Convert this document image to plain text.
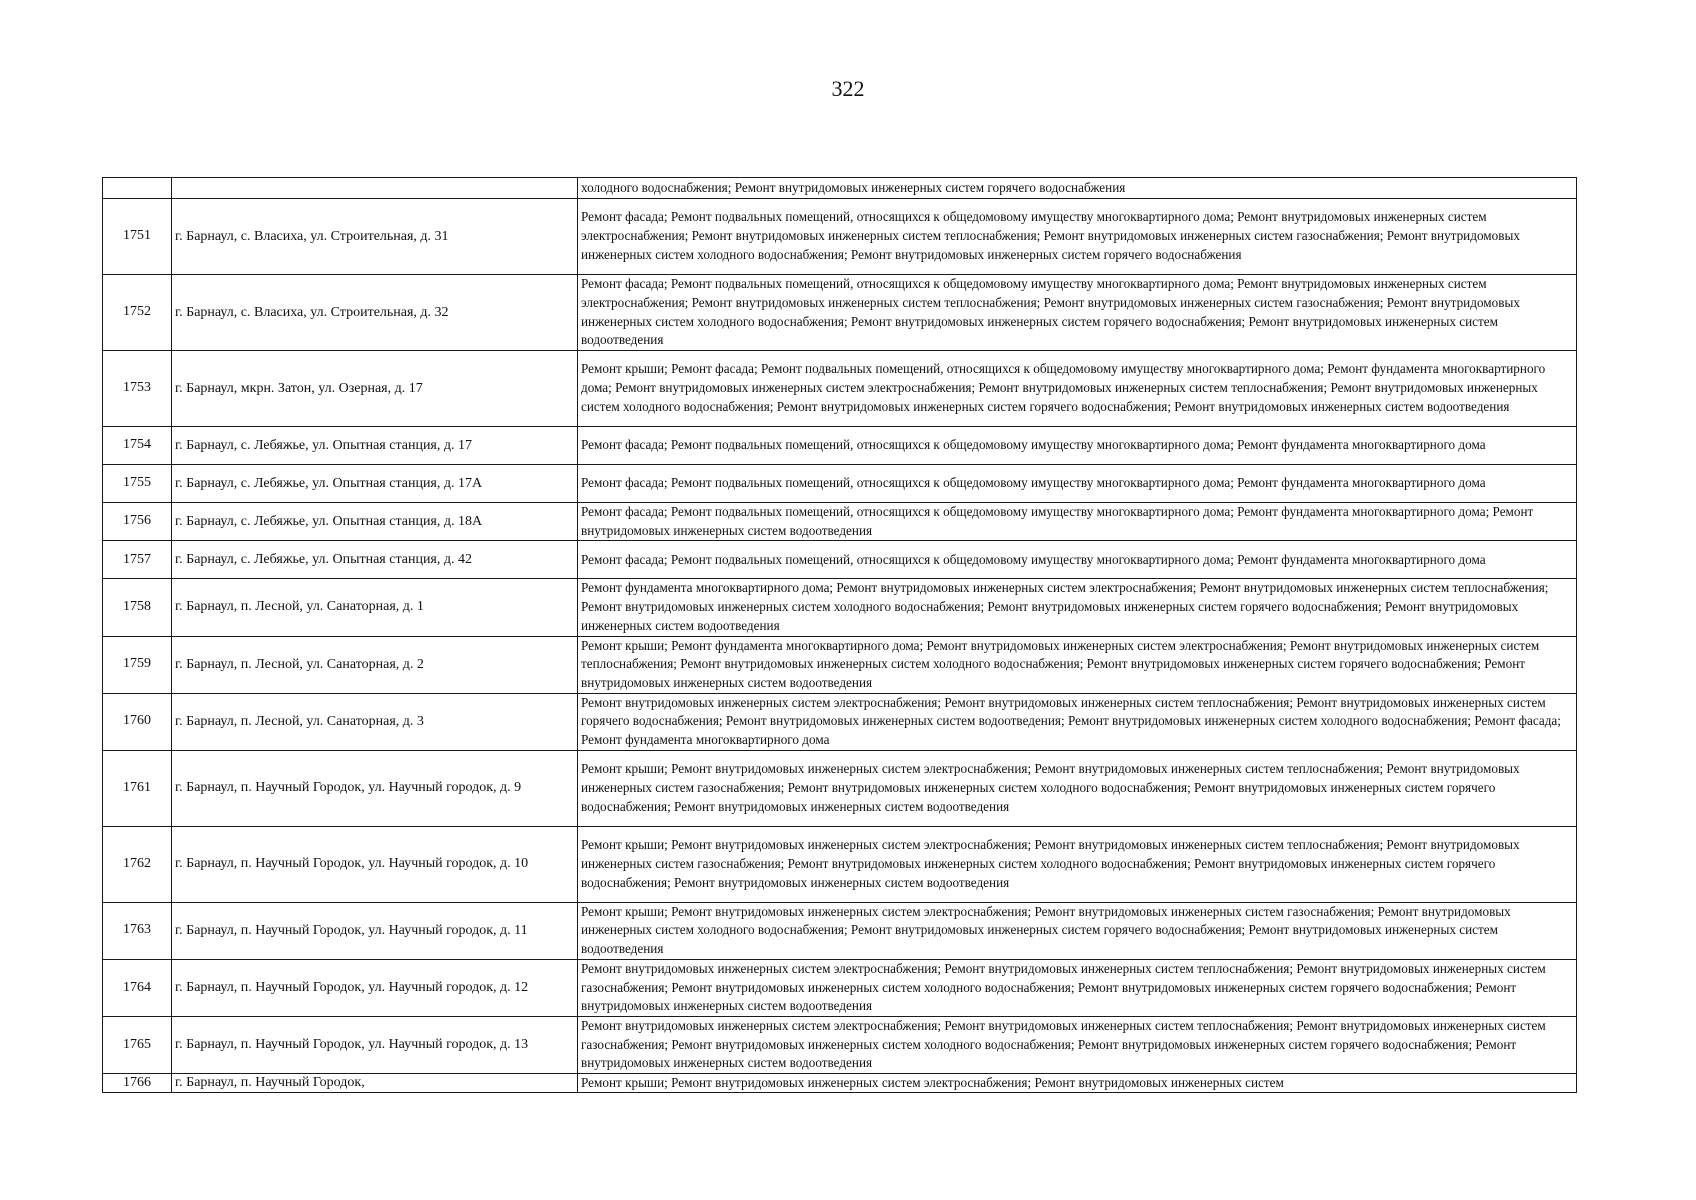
322
		холодного водоснабжения; Ремонт внутридомовых инженерных систем горячего водоснабжения
1751	г. Барнаул, с. Власиха, ул. Строительная, д. 31	Ремонт фасада; Ремонт подвальных помещений, относящихся к общедомовому имуществу многоквартирного дома; Ремонт внутридомовых инженерных систем электроснабжения; Ремонт внутридомовых инженерных систем теплоснабжения; Ремонт внутридомовых инженерных систем газоснабжения; Ремонт внутридомовых инженерных систем холодного водоснабжения; Ремонт внутридомовых инженерных систем горячего водоснабжения
1752	г. Барнаул, с. Власиха, ул. Строительная, д. 32	Ремонт фасада; Ремонт подвальных помещений, относящихся к общедомовому имуществу многоквартирного дома; Ремонт внутридомовых инженерных систем электроснабжения; Ремонт внутридомовых инженерных систем теплоснабжения; Ремонт внутридомовых инженерных систем газоснабжения; Ремонт внутридомовых инженерных систем холодного водоснабжения; Ремонт внутридомовых инженерных систем горячего водоснабжения; Ремонт внутридомовых инженерных систем водоотведения
1753	г. Барнаул, мкрн. Затон, ул. Озерная, д. 17	Ремонт крыши; Ремонт фасада; Ремонт подвальных помещений, относящихся к общедомовому имуществу многоквартирного дома; Ремонт фундамента многоквартирного дома; Ремонт внутридомовых инженерных систем электроснабжения; Ремонт внутридомовых инженерных систем теплоснабжения; Ремонт внутридомовых инженерных систем холодного водоснабжения; Ремонт внутридомовых инженерных систем горячего водоснабжения; Ремонт внутридомовых инженерных систем водоотведения
1754	г. Барнаул, с. Лебяжье, ул. Опытная станция, д. 17	Ремонт фасада; Ремонт подвальных помещений, относящихся к общедомовому имуществу многоквартирного дома; Ремонт фундамента многоквартирного дома
1755	г. Барнаул, с. Лебяжье, ул. Опытная станция, д. 17А	Ремонт фасада; Ремонт подвальных помещений, относящихся к общедомовому имуществу многоквартирного дома; Ремонт фундамента многоквартирного дома
1756	г. Барнаул, с. Лебяжье, ул. Опытная станция, д. 18А	Ремонт фасада; Ремонт подвальных помещений, относящихся к общедомовому имуществу многоквартирного дома; Ремонт фундамента многоквартирного дома; Ремонт внутридомовых инженерных систем водоотведения
1757	г. Барнаул, с. Лебяжье, ул. Опытная станция, д. 42	Ремонт фасада; Ремонт подвальных помещений, относящихся к общедомовому имуществу многоквартирного дома; Ремонт фундамента многоквартирного дома
1758	г. Барнаул, п. Лесной, ул. Санаторная, д. 1	Ремонт фундамента многоквартирного дома; Ремонт внутридомовых инженерных систем электроснабжения; Ремонт внутридомовых инженерных систем теплоснабжения; Ремонт внутридомовых инженерных систем холодного водоснабжения; Ремонт внутридомовых инженерных систем горячего водоснабжения; Ремонт внутридомовых инженерных систем водоотведения
1759	г. Барнаул, п. Лесной, ул. Санаторная, д. 2	Ремонт крыши; Ремонт фундамента многоквартирного дома; Ремонт внутридомовых инженерных систем электроснабжения; Ремонт внутридомовых инженерных систем теплоснабжения; Ремонт внутридомовых инженерных систем холодного водоснабжения; Ремонт внутридомовых инженерных систем горячего водоснабжения; Ремонт внутридомовых инженерных систем водоотведения
1760	г. Барнаул, п. Лесной, ул. Санаторная, д. 3	Ремонт внутридомовых инженерных систем электроснабжения; Ремонт внутридомовых инженерных систем теплоснабжения; Ремонт внутридомовых инженерных систем горячего водоснабжения; Ремонт внутридомовых инженерных систем водоотведения; Ремонт внутридомовых инженерных систем холодного водоснабжения; Ремонт фасада; Ремонт фундамента многоквартирного дома
1761	г. Барнаул, п. Научный Городок, ул. Научный городок, д. 9	Ремонт крыши; Ремонт внутридомовых инженерных систем электроснабжения; Ремонт внутридомовых инженерных систем теплоснабжения; Ремонт внутридомовых инженерных систем газоснабжения; Ремонт внутридомовых инженерных систем холодного водоснабжения; Ремонт внутридомовых инженерных систем горячего водоснабжения; Ремонт внутридомовых инженерных систем водоотведения
1762	г. Барнаул, п. Научный Городок, ул. Научный городок, д. 10	Ремонт крыши; Ремонт внутридомовых инженерных систем электроснабжения; Ремонт внутридомовых инженерных систем теплоснабжения; Ремонт внутридомовых инженерных систем газоснабжения; Ремонт внутридомовых инженерных систем холодного водоснабжения; Ремонт внутридомовых инженерных систем горячего водоснабжения; Ремонт внутридомовых инженерных систем водоотведения
1763	г. Барнаул, п. Научный Городок, ул. Научный городок, д. 11	Ремонт крыши; Ремонт внутридомовых инженерных систем электроснабжения; Ремонт внутридомовых инженерных систем газоснабжения; Ремонт внутридомовых инженерных систем холодного водоснабжения; Ремонт внутридомовых инженерных систем горячего водоснабжения; Ремонт внутридомовых инженерных систем водоотведения
1764	г. Барнаул, п. Научный Городок, ул. Научный городок, д. 12	Ремонт внутридомовых инженерных систем электроснабжения; Ремонт внутридомовых инженерных систем теплоснабжения; Ремонт внутридомовых инженерных систем газоснабжения; Ремонт внутридомовых инженерных систем холодного водоснабжения; Ремонт внутридомовых инженерных систем горячего водоснабжения; Ремонт внутридомовых инженерных систем водоотведения
1765	г. Барнаул, п. Научный Городок, ул. Научный городок, д. 13	Ремонт внутридомовых инженерных систем электроснабжения; Ремонт внутридомовых инженерных систем теплоснабжения; Ремонт внутридомовых инженерных систем газоснабжения; Ремонт внутридомовых инженерных систем холодного водоснабжения; Ремонт внутридомовых инженерных систем горячего водоснабжения; Ремонт внутридомовых инженерных систем водоотведения
1766	г. Барнаул, п. Научный Городок,	Ремонт крыши; Ремонт внутридомовых инженерных систем электроснабжения; Ремонт внутридомовых инженерных систем
